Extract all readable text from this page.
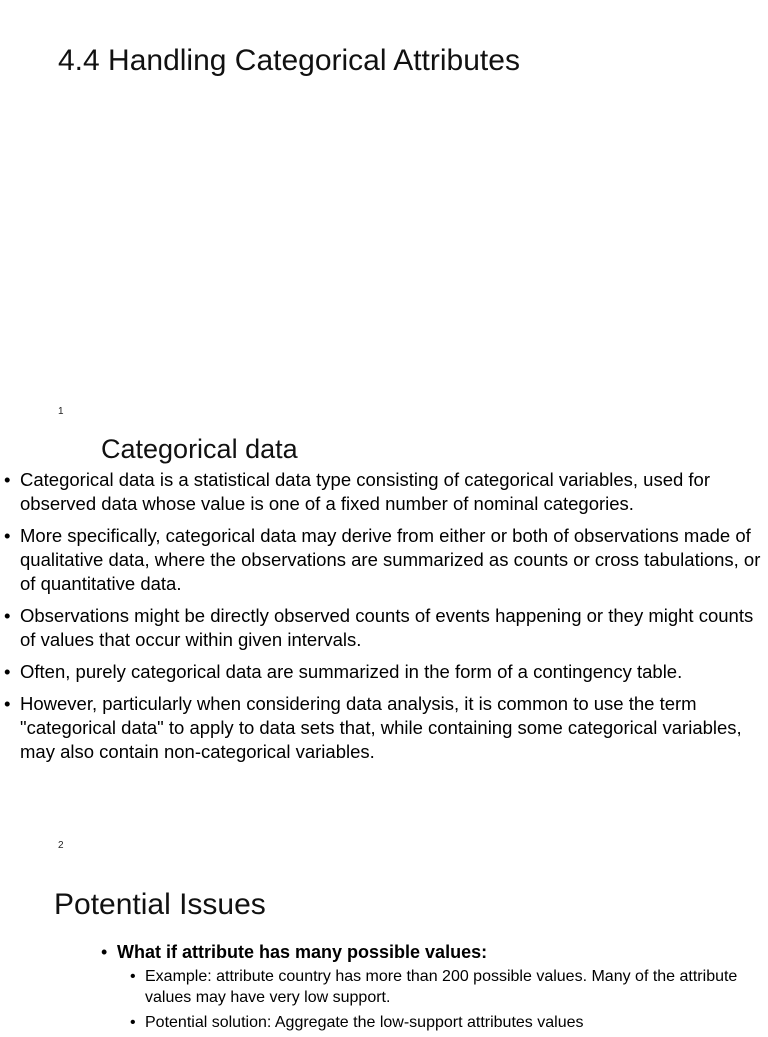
4.4 Handling Categorical Attributes
1
Categorical data
• Categorical data is a statistical data type consisting of categorical variables, used for observed data whose value is one of a fixed number of nominal categories.
• More specifically, categorical data may derive from either or both of observations made of qualitative data, where the observations are summarized as counts or cross tabulations, or of quantitative data.
• Observations might be directly observed counts of events happening or they might counts of values that occur within given intervals.
• Often, purely categorical data are summarized in the form of a contingency table.
• However, particularly when considering data analysis, it is common to use the term "categorical data" to apply to data sets that, while containing some categorical variables, may also contain non-categorical variables.
2
Potential Issues
• What if attribute has many possible values:
• Example: attribute country has more than 200 possible values. Many of the attribute values may have very low support.
• Potential solution: Aggregate the low-support attributes values
